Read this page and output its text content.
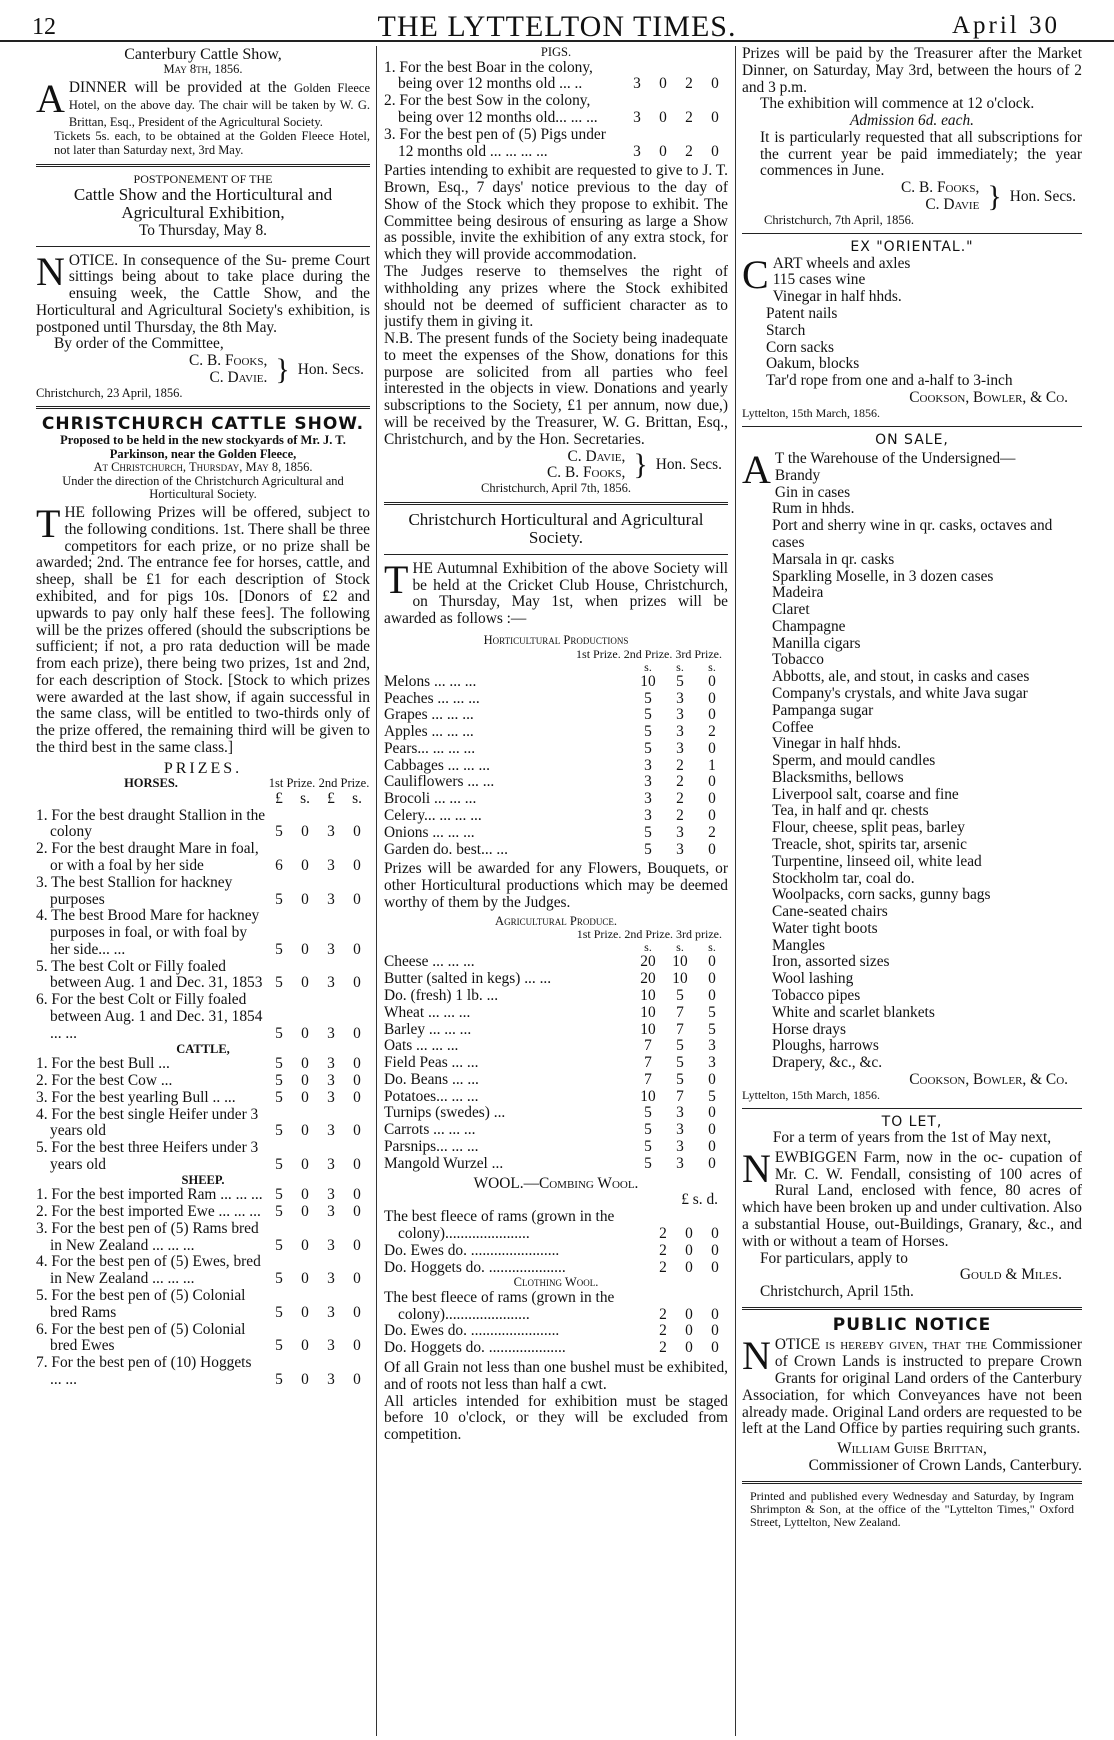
12	THE LYTTELTON TIMES.	April 30
Canterbury Cattle Show,
May 8th, 1856.
ADINNER will be provided at the Golden Fleece Hotel, on the above day. The chair will be taken by W. G. Brittan, Esq., President of the Agricultural Society.
Tickets 5s. each, to be obtained at the Golden Fleece Hotel, not later than Saturday next, 3rd May.
POSTPONEMENT OF THE
Cattle Show and the Horticultural and Agricultural Exhibition,
To Thursday, May 8.
NOTICE. In consequence of the Su- preme Court sittings being about to take place during the ensuing week, the Cattle Show, and the Horticultural and Agricultural Society's exhibition, is postponed until Thursday, the 8th May.
By order of the Committee,
C. B. Fooks,
C. Davie. } Hon. Secs.
Christchurch, 23 April, 1856.
CHRISTCHURCH CATTLE SHOW.
Proposed to be held in the new stockyards of Mr. J. T. Parkinson, near the Golden Fleece,
At Christchurch, Thursday, May 8, 1856.
Under the direction of the Christchurch Agricultural and Horticultural Society.
THE following Prizes will be offered, subject to the following conditions. 1st. There shall be three competitors for each prize, or no prize shall be awarded; 2nd. The entrance fee for horses, cattle, and sheep, shall be £1 for each description of Stock exhibited, and for pigs 10s. [Donors of £2 and upwards to pay only half these fees]. The following will be the prizes offered (should the subscriptions be sufficient; if not, a pro rata deduction will be made from each prize), there being two prizes, 1st and 2nd, for each description of Stock. [Stock to which prizes were awarded at the last show, if again successful in the same class, will be entitled to two-thirds only of the prize offered, the remaining third will be given to the third best in the same class.]
PRIZES.
HORSES.	1st Prize. 2nd Prize.
£	s.	£	s.
1. For the best draught Stallion in the colony	5	0	3	0
2. For the best draught Mare in foal, or with a foal by her side	6	0	3	0
3. The best Stallion for hackney purposes	5	0	3	0
4. The best Brood Mare for hackney purposes in foal, or with foal by her side... ...	5	0	3	0
5. The best Colt or Filly foaled between Aug. 1 and Dec. 31, 1853 5	0	3	0
6. For the best Colt or Filly foaled between Aug. 1 and Dec. 31, 1854 ... ...	5	0	3	0
CATTLE,
1. For the best Bull ...	5	0	3	0
2. For the best Cow ...	5	0	3	0
3. For the best yearling Bull .. ...	5	0	3	0
4. For the best single Heifer under 3 years old	5	0	3	0
5. For the best three Heifers under 3 years old	5	0	3	0
SHEEP.
1. For the best imported Ram ... ... ... 5	0	3	0
2. For the best imported Ewe ... ... ... 5	0	3	0
3. For the best pen of (5) Rams bred in New Zealand ... ... ...	5	0	3	0
4. For the best pen of (5) Ewes, bred in New Zealand ... ... ...	5	0	3	0
5. For the best pen of (5) Colonial bred Rams	5	0	3	0
6. For the best pen of (5) Colonial bred Ewes	5	0	3	0
7. For the best pen of (10) Hoggets ... ...	5	0	3	0
PIGS.
1. For the best Boar in the colony, being over 12 months old ... ..	3	0	2	0
2. For the best Sow in the colony, being over 12 months old... ... ...	3	0	2	0
3. For the best pen of (5) Pigs under 12 months old ... ... ... ...	3	0	2	0
Parties intending to exhibit are requested to give to J. T. Brown, Esq., 7 days' notice previous to the day of Show of the Stock which they propose to exhibit. The Committee being desirous of ensuring as large a Show as possible, invite the exhibition of any extra stock, for which they will provide accommodation.
The Judges reserve to themselves the right of withholding any prizes where the Stock exhibited should not be deemed of sufficient character as to justify them in giving it.
N.B. The present funds of the Society being inadequate to meet the expenses of the Show, donations for this purpose are solicited from all parties who feel interested in the objects in view. Donations and yearly subscriptions to the Society, £1 per annum, now due,) will be received by the Treasurer, W. G. Brittan, Esq., Christchurch, and by the Hon. Secretaries.
C. Davie,
C. B. Fooks, } Hon. Secs.
Christchurch, April 7th, 1856.
Christchurch Horticultural and Agricultural Society.
THE Autumnal Exhibition of the above Society will be held at the Cricket Club House, Christchurch, on Thursday, May 1st, when prizes will be awarded as follows :—
Horticultural Productions
1st Prize. 2nd Prize. 3rd Prize.
s.	s.	s.
Melons ... ... ...	10	5	0
Peaches ... ... ...	5	3	0
Grapes ... ... ...	5	3	0
Apples ... ... ...	5	3	2
Pears... ... ... ...	5	3	0
Cabbages ... ... ...	3	2	1
Cauliflowers ... ...	3	2	0
Brocoli ... ... ...	3	2	0
Celery... ... ... ...	3	2	0
Onions ... ... ...	5	3	2
Garden do. best... ...	5	3	0
Prizes will be awarded for any Flowers, Bouquets, or other Horticultural productions which may be deemed worthy of them by the Judges.
Agricultural Produce.
1st Prize. 2nd Prize. 3rd prize.
s.	s.	s.
Cheese ... ... ...	20	10	0
Butter (salted in kegs) ... ...	20	10	0
Do. (fresh) 1 lb. ...	10	5	0
Wheat ... ... ...	10	7	5
Barley ... ... ...	10	7	5
Oats ... ... ...	7	5	3
Field Peas ... ...	7	5	3
Do. Beans ... ...	7	5	0
Potatoes... ... ...	10	7	5
Turnips (swedes) ...	5	3	0
Carrots ... ... ...	5	3	0
Parsnips... ... ...	5	3	0
Mangold Wurzel ...	5	3	0
WOOL.—Combing Wool.
£ s. d.
The best fleece of rams (grown in the colony)......................	2	0	0
Do. Ewes do. .......................	2	0	0
Do. Hoggets do. ....................	2	0	0
Clothing Wool.
The best fleece of rams (grown in the colony)......................	2	0	0
Do. Ewes do. .......................	2	0	0
Do. Hoggets do. ....................	2	0	0
Of all Grain not less than one bushel must be exhibited, and of roots not less than half a cwt.
All articles intended for exhibition must be staged before 10 o'clock, or they will be excluded from competition.
Prizes will be paid by the Treasurer after the Market Dinner, on Saturday, May 3rd, between the hours of 2 and 3 p.m.
The exhibition will commence at 12 o'clock.
Admission 6d. each.
It is particularly requested that all subscriptions for the current year be paid immediately; the year commences in June.
C. B. Fooks,
C. Davie } Hon. Secs.
Christchurch, 7th April, 1856.
EX "ORIENTAL."
C ART wheels and axles
115 cases wine
Vinegar in half hhds.
Patent nails
Starch
Corn sacks
Oakum, blocks
Tar'd rope from one and a-half to 3-inch
Cookson, Bowler, & Co.
Lyttelton, 15th March, 1856.
ON SALE,
A T the Warehouse of the Undersigned—
Brandy
Gin in cases
Rum in hhds.
Port and sherry wine in qr. casks, octaves and cases
Marsala in qr. casks
Sparkling Moselle, in 3 dozen cases
Madeira
Claret
Champagne
Manilla cigars
Tobacco
Abbotts, ale, and stout, in casks and cases
Company's crystals, and white Java sugar
Pampanga sugar
Coffee
Vinegar in half hhds.
Sperm, and mould candles
Blacksmiths, bellows
Liverpool salt, coarse and fine
Tea, in half and qr. chests
Flour, cheese, split peas, barley
Treacle, shot, spirits tar, arsenic
Turpentine, linseed oil, white lead
Stockholm tar, coal do.
Woolpacks, corn sacks, gunny bags
Cane-seated chairs
Water tight boots
Mangles
Iron, assorted sizes
Wool lashing
Tobacco pipes
White and scarlet blankets
Horse drays
Ploughs, harrows
Drapery, &c., &c.
Cookson, Bowler, & Co.
Lyttelton, 15th March, 1856.
TO LET,
For a term of years from the 1st of May next,
NEWBIGGEN Farm, now in the oc- cupation of Mr. C. W. Fendall, consisting of 100 acres of Rural Land, enclosed with fence, 80 acres of which have been broken up and under cultivation. Also a substantial House, out-Buildings, Granary, &c., and with or without a team of Horses.
For particulars, apply to
Gould & Miles.
Christchurch, April 15th.
PUBLIC NOTICE
NOTICE is hereby given, that the Commissioner of Crown Lands is instructed to prepare Crown Grants for original Land orders of the Canterbury Association, for which Conveyances have not been already made. Original Land orders are requested to be left at the Land Office by parties requiring such grants.
William Guise Brittan,
Commissioner of Crown Lands, Canterbury.
Printed and published every Wednesday and Saturday, by Ingram Shrimpton & Son, at the office of the "Lyttelton Times," Oxford Street, Lyttelton, New Zealand.
